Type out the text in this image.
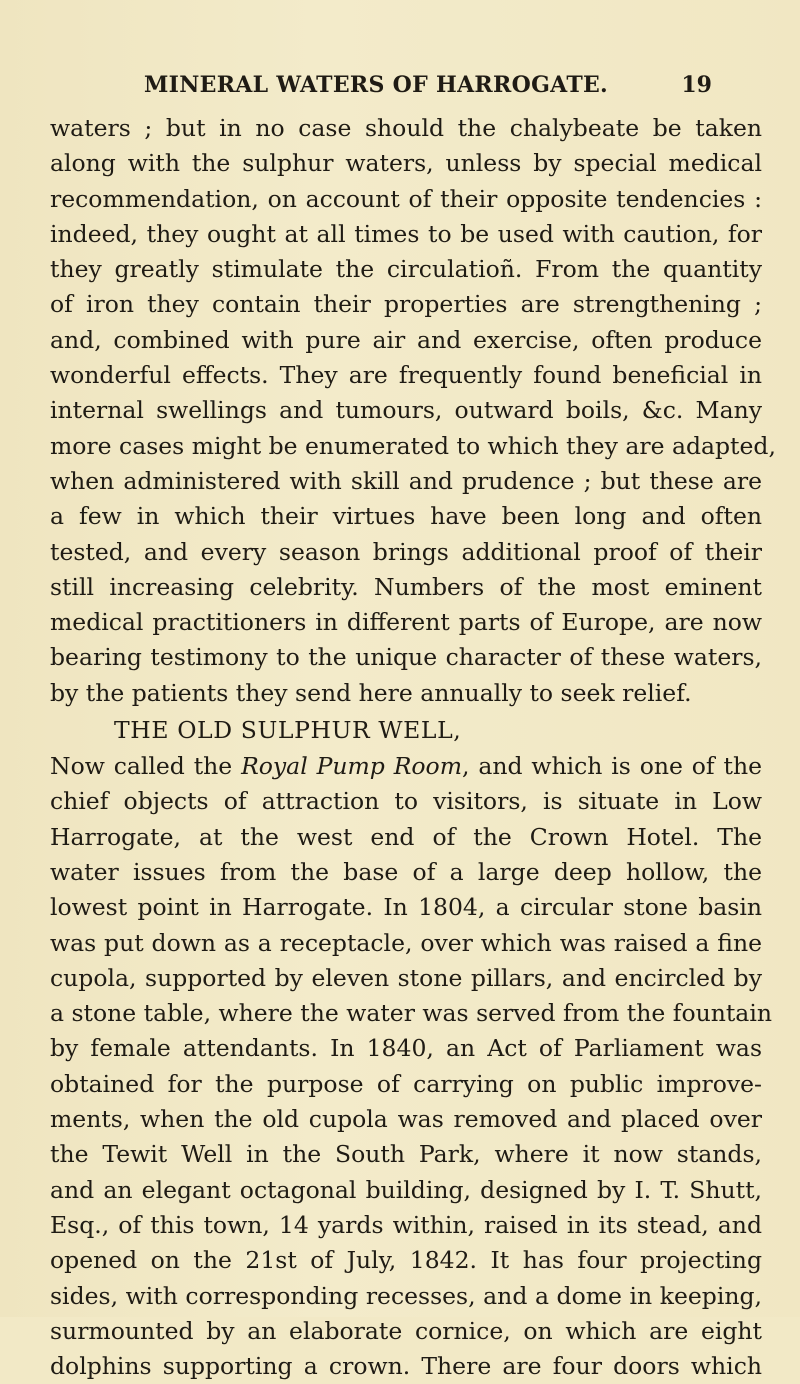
MINERAL WATERS OF HARROGATE.	19
waters ; but in no case should the chalybeate be taken
along with the sulphur waters, unless by special medical
recommendation, on account of their opposite tendencies :
indeed, they ought at all times to be used with caution, for
they greatly stimulate the circulatioñ. From the quantity
of iron they contain their properties are strengthening ;
and, combined with pure air and exercise, often produce
wonderful effects. They are frequently found beneficial in
internal swellings and tumours, outward boils, &c. Many
more cases might be enumerated to which they are adapted,
when administered with skill and prudence ; but these are
a few in which their virtues have been long and often
tested, and every season brings additional proof of their
still increasing celebrity. Numbers of the most eminent
medical practitioners in different parts of Europe, are now
bearing testimony to the unique character of these waters,
by the patients they send here annually to seek relief.
THE OLD SULPHUR WELL,
Now called the Royal Pump Room, and which is one of the
chief objects of attraction to visitors, is situate in Low
Harrogate, at the west end of the Crown Hotel. The
water issues from the base of a large deep hollow, the
lowest point in Harrogate. In 1804, a circular stone basin
was put down as a receptacle, over which was raised a fine
cupola, supported by eleven stone pillars, and encircled by
a stone table, where the water was served from the fountain
by female attendants. In 1840, an Act of Parliament was
obtained for the purpose of carrying on public improve-
ments, when the old cupola was removed and placed over
the Tewit Well in the South Park, where it now stands,
and an elegant octagonal building, designed by I. T. Shutt,
Esq., of this town, 14 yards within, raised in its stead, and
opened on the 21st of July, 1842. It has four projecting
sides, with corresponding recesses, and a dome in keeping,
surmounted by an elaborate cornice, on which are eight
dolphins supporting a crown. There are four doors which
